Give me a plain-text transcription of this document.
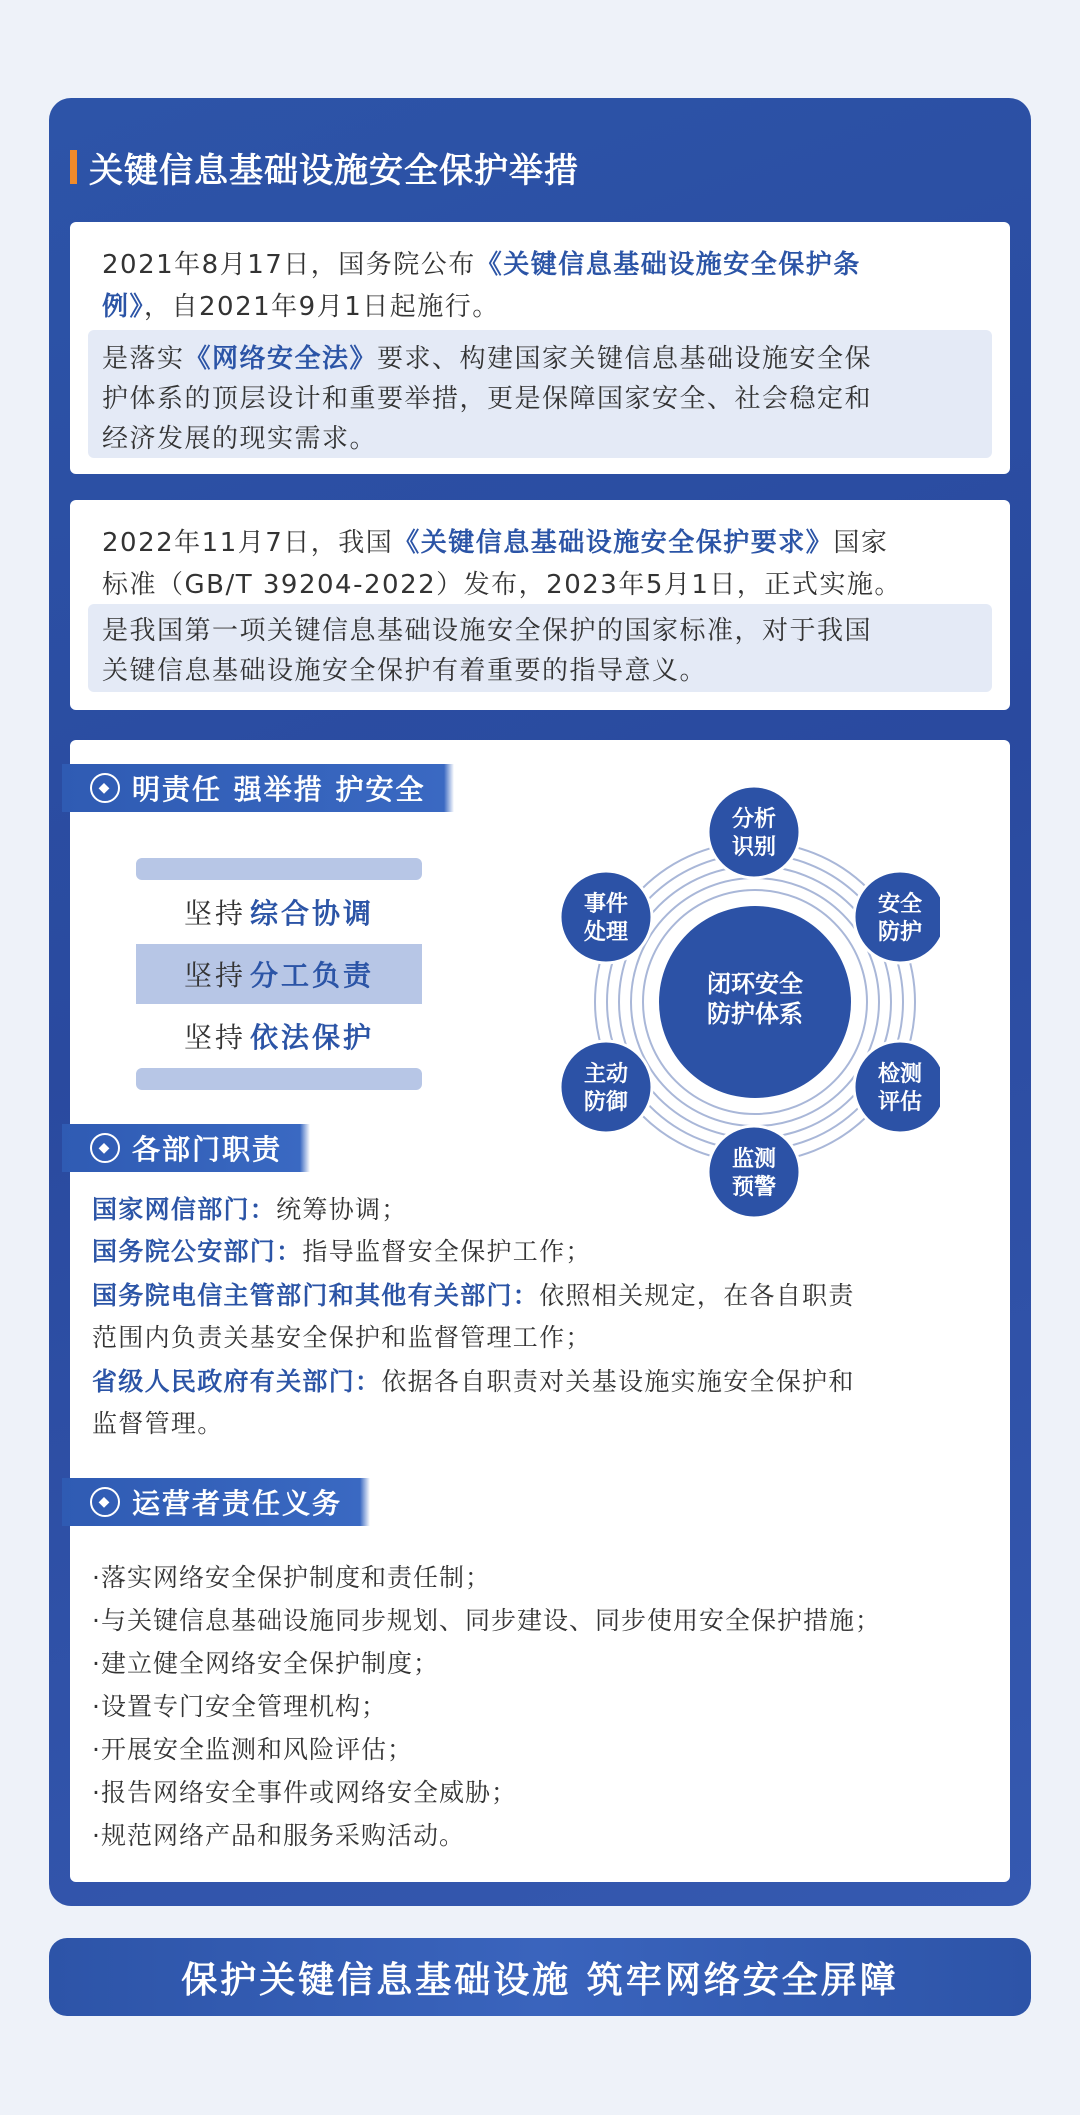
关键信息基础设施安全保护举措
2021年8月17日，国务院公布《关键信息基础设施安全保护条
例》，自2021年9月1日起施行。
是落实《网络安全法》要求、构建国家关键信息基础设施安全保
护体系的顶层设计和重要举措，更是保障国家安全、社会稳定和
经济发展的现实需求。
2022年11月7日，我国《关键信息基础设施安全保护要求》国家
标准（GB/T 39204-2022）发布，2023年5月1日，正式实施。
是我国第一项关键信息基础设施安全保护的国家标准，对于我国
关键信息基础设施安全保护有着重要的指导意义。
◆ 明责任 强举措 护安全
坚持 综合协调
坚持 分工负责
坚持 依法保护
闭环安全
防护体系
分析
识别
安全
防护
检测
评估
监测
预警
主动
防御
事件
处理
◆ 各部门职责
国家网信部门：统筹协调；
国务院公安部门：指导监督安全保护工作；
国务院电信主管部门和其他有关部门：依照相关规定，在各自职责
范围内负责关基安全保护和监督管理工作；
省级人民政府有关部门：依据各自职责对关基设施实施安全保护和
监督管理。
◆ 运营者责任义务
·落实网络安全保护制度和责任制；
·与关键信息基础设施同步规划、同步建设、同步使用安全保护措施；
·建立健全网络安全保护制度；
·设置专门安全管理机构；
·开展安全监测和风险评估；
·报告网络安全事件或网络安全威胁；
·规范网络产品和服务采购活动。
保护关键信息基础设施 筑牢网络安全屏障
